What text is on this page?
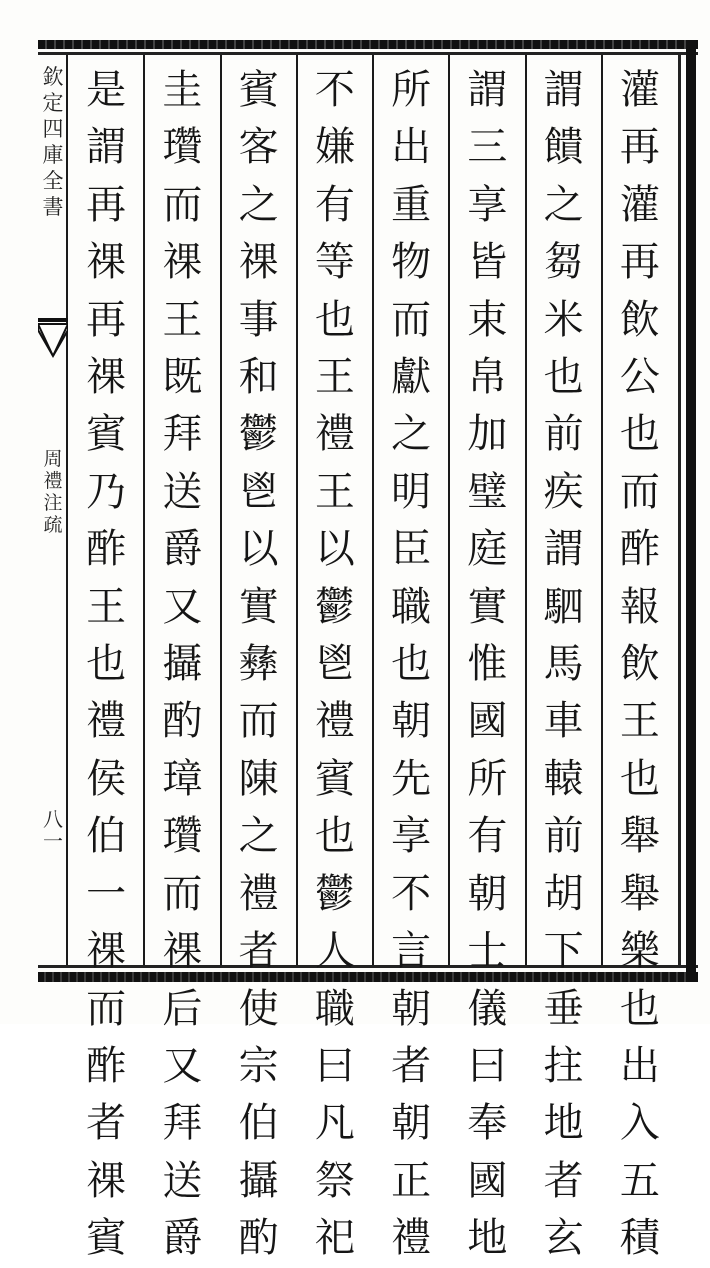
欽
定
四
庫
全
書
周
禮
注
疏
八
一
灌
再
灌
再
飲
公
也
而
酢
報
飲
王
也
舉
舉
樂
也
出
入
五
積
謂
饋
之
芻
米
也
前
疾
謂
駟
馬
車
轅
前
胡
下
垂
拄
地
者
玄
謂
三
享
皆
束
帛
加
璧
庭
實
惟
國
所
有
朝
士
儀
曰
奉
國
地
所
出
重
物
而
獻
之
明
臣
職
也
朝
先
享
不
言
朝
者
朝
正
禮
不
嫌
有
等
也
王
禮
王
以
鬱
鬯
禮
賓
也
鬱
人
職
曰
凡
祭
祀
賓
客
之
祼
事
和
鬱
鬯
以
實
彝
而
陳
之
禮
者
使
宗
伯
攝
酌
圭
瓚
而
祼
王
既
拜
送
爵
又
攝
酌
璋
瓚
而
祼
后
又
拜
送
爵
是
謂
再
祼
再
祼
賓
乃
酢
王
也
禮
侯
伯
一
祼
而
酢
者
祼
賓
